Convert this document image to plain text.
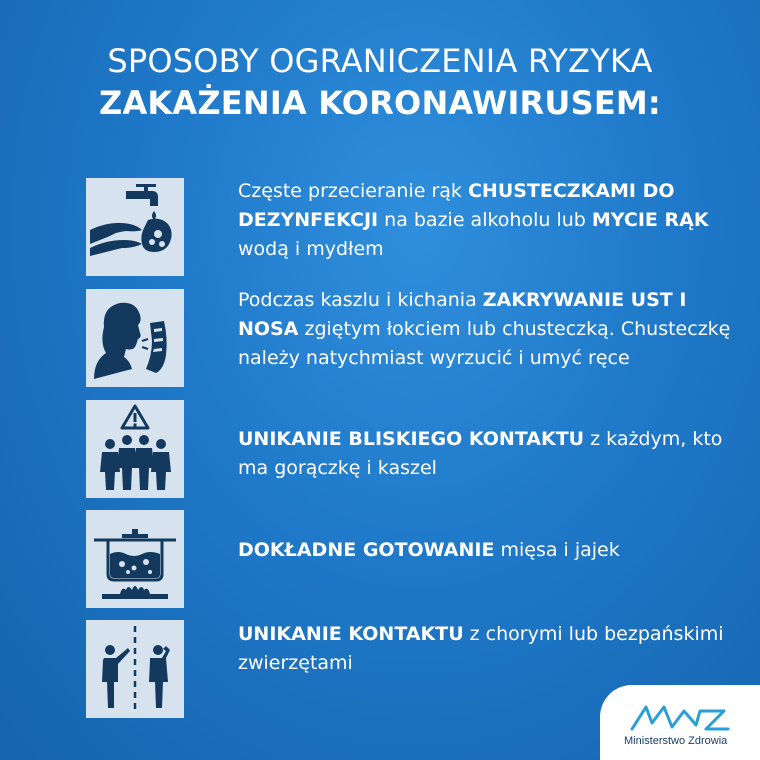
SPOSOBY OGRANICZENIA RYZYKA
ZAKAŻENIA KORONAWIRUSEM:
Częste przecieranie rąk CHUSTECZKAMI DO DEZYNFEKCJI na bazie alkoholu lub MYCIE RĄK wodą i mydłem
Podczas kaszlu i kichania ZAKRYWANIE UST I NOSA zgiętym łokciem lub chusteczką. Chusteczkę należy natychmiast wyrzucić i umyć ręce
UNIKANIE BLISKIEGO KONTAKTU z każdym, kto ma gorączkę i kaszel
DOKŁADNE GOTOWANIE mięsa i jajek
UNIKANIE KONTAKTU z chorymi lub bezpańskimi zwierzętami
Ministerstwo Zdrowia
